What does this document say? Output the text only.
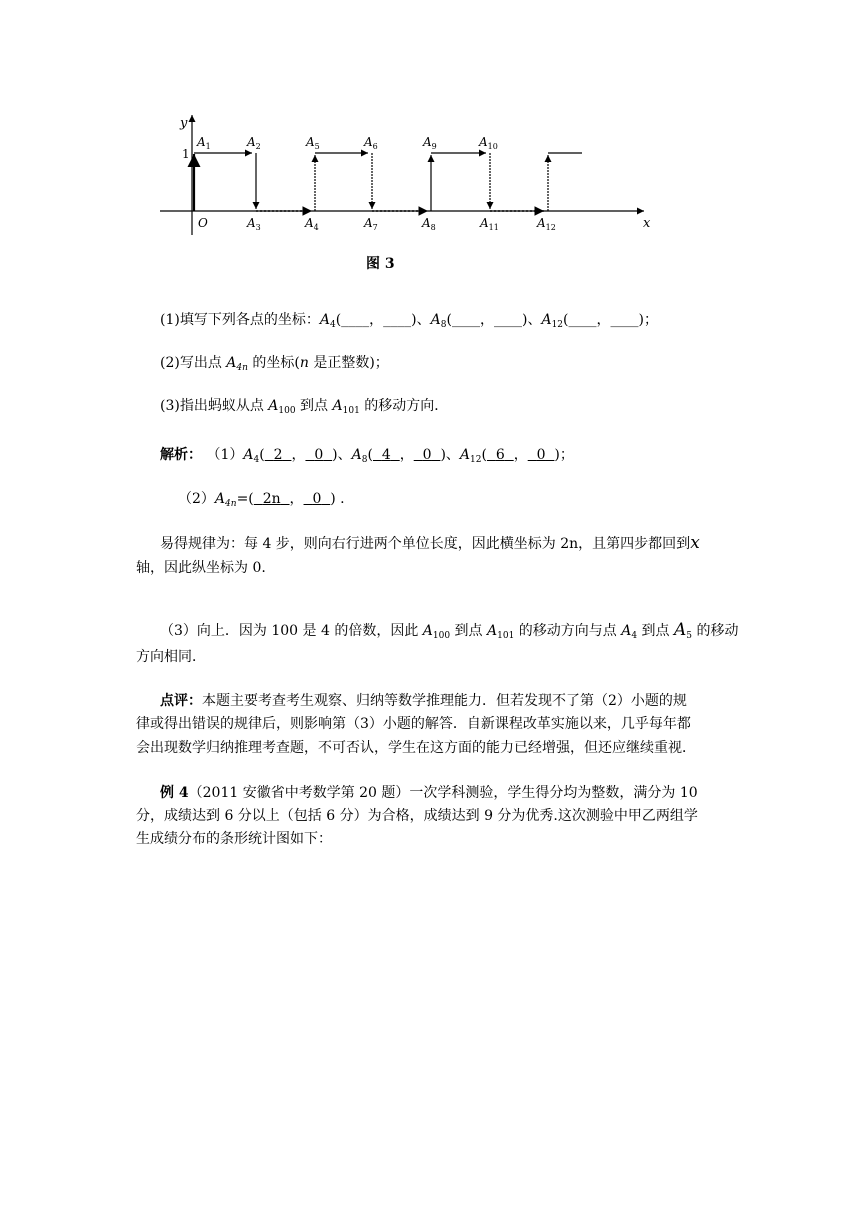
y
x
O
1
$A_1$	$A_2$	$A_5$	$A_6$	$A_9$	$A_{10}$
$A_3$	$A_4$	$A_7$	$A_8$	$A_{11}$	$A_{12}$
图 3
(1)填写下列各点的坐标：$A_4(\_\_\_\_$，____)、$A_8(\_\_\_\_$，____)、$A_{12}(\_\_\_\_$，____)；
(2)写出点 $A_{4n}$ 的坐标(n 是正整数)；
(3)指出蚂蚁从点 $A_{100}$ 到点 $A_{101}$ 的移动方向．
解析： $(1)A_4$( 2 ， 0 )、$A_8$( 4 ， 0 )、$A_{12}$( 6 ， 0 )；
$(2)A_{4n}=$( 2n ， 0 ) .
易得规律为：每 4 步，则向右行进两个单位长度，因此横坐标为 2n，且第四步都回到x
轴，因此纵坐标为 0.
（3）向上．因为 100 是 4 的倍数，因此 $A_{100}$ 到点 $A_{101}$ 的移动方向与点 $A_4$ 到点 $A_5$ 的移动
方向相同．
点评：本题主要考查考生观察、归纳等数学推理能力．但若发现不了第（2）小题的规
律或得出错误的规律后，则影响第（3）小题的解答．自新课程改革实施以来，几乎每年都
会出现数学归纳推理考查题，不可否认，学生在这方面的能力已经增强，但还应继续重视．
例 4（2011 安徽省中考数学第 20 题）一次学科测验，学生得分均为整数，满分为 10
分，成绩达到 6 分以上（包括 6 分）为合格，成绩达到 9 分为优秀.这次测验中甲乙两组学
生成绩分布的条形统计图如下：
